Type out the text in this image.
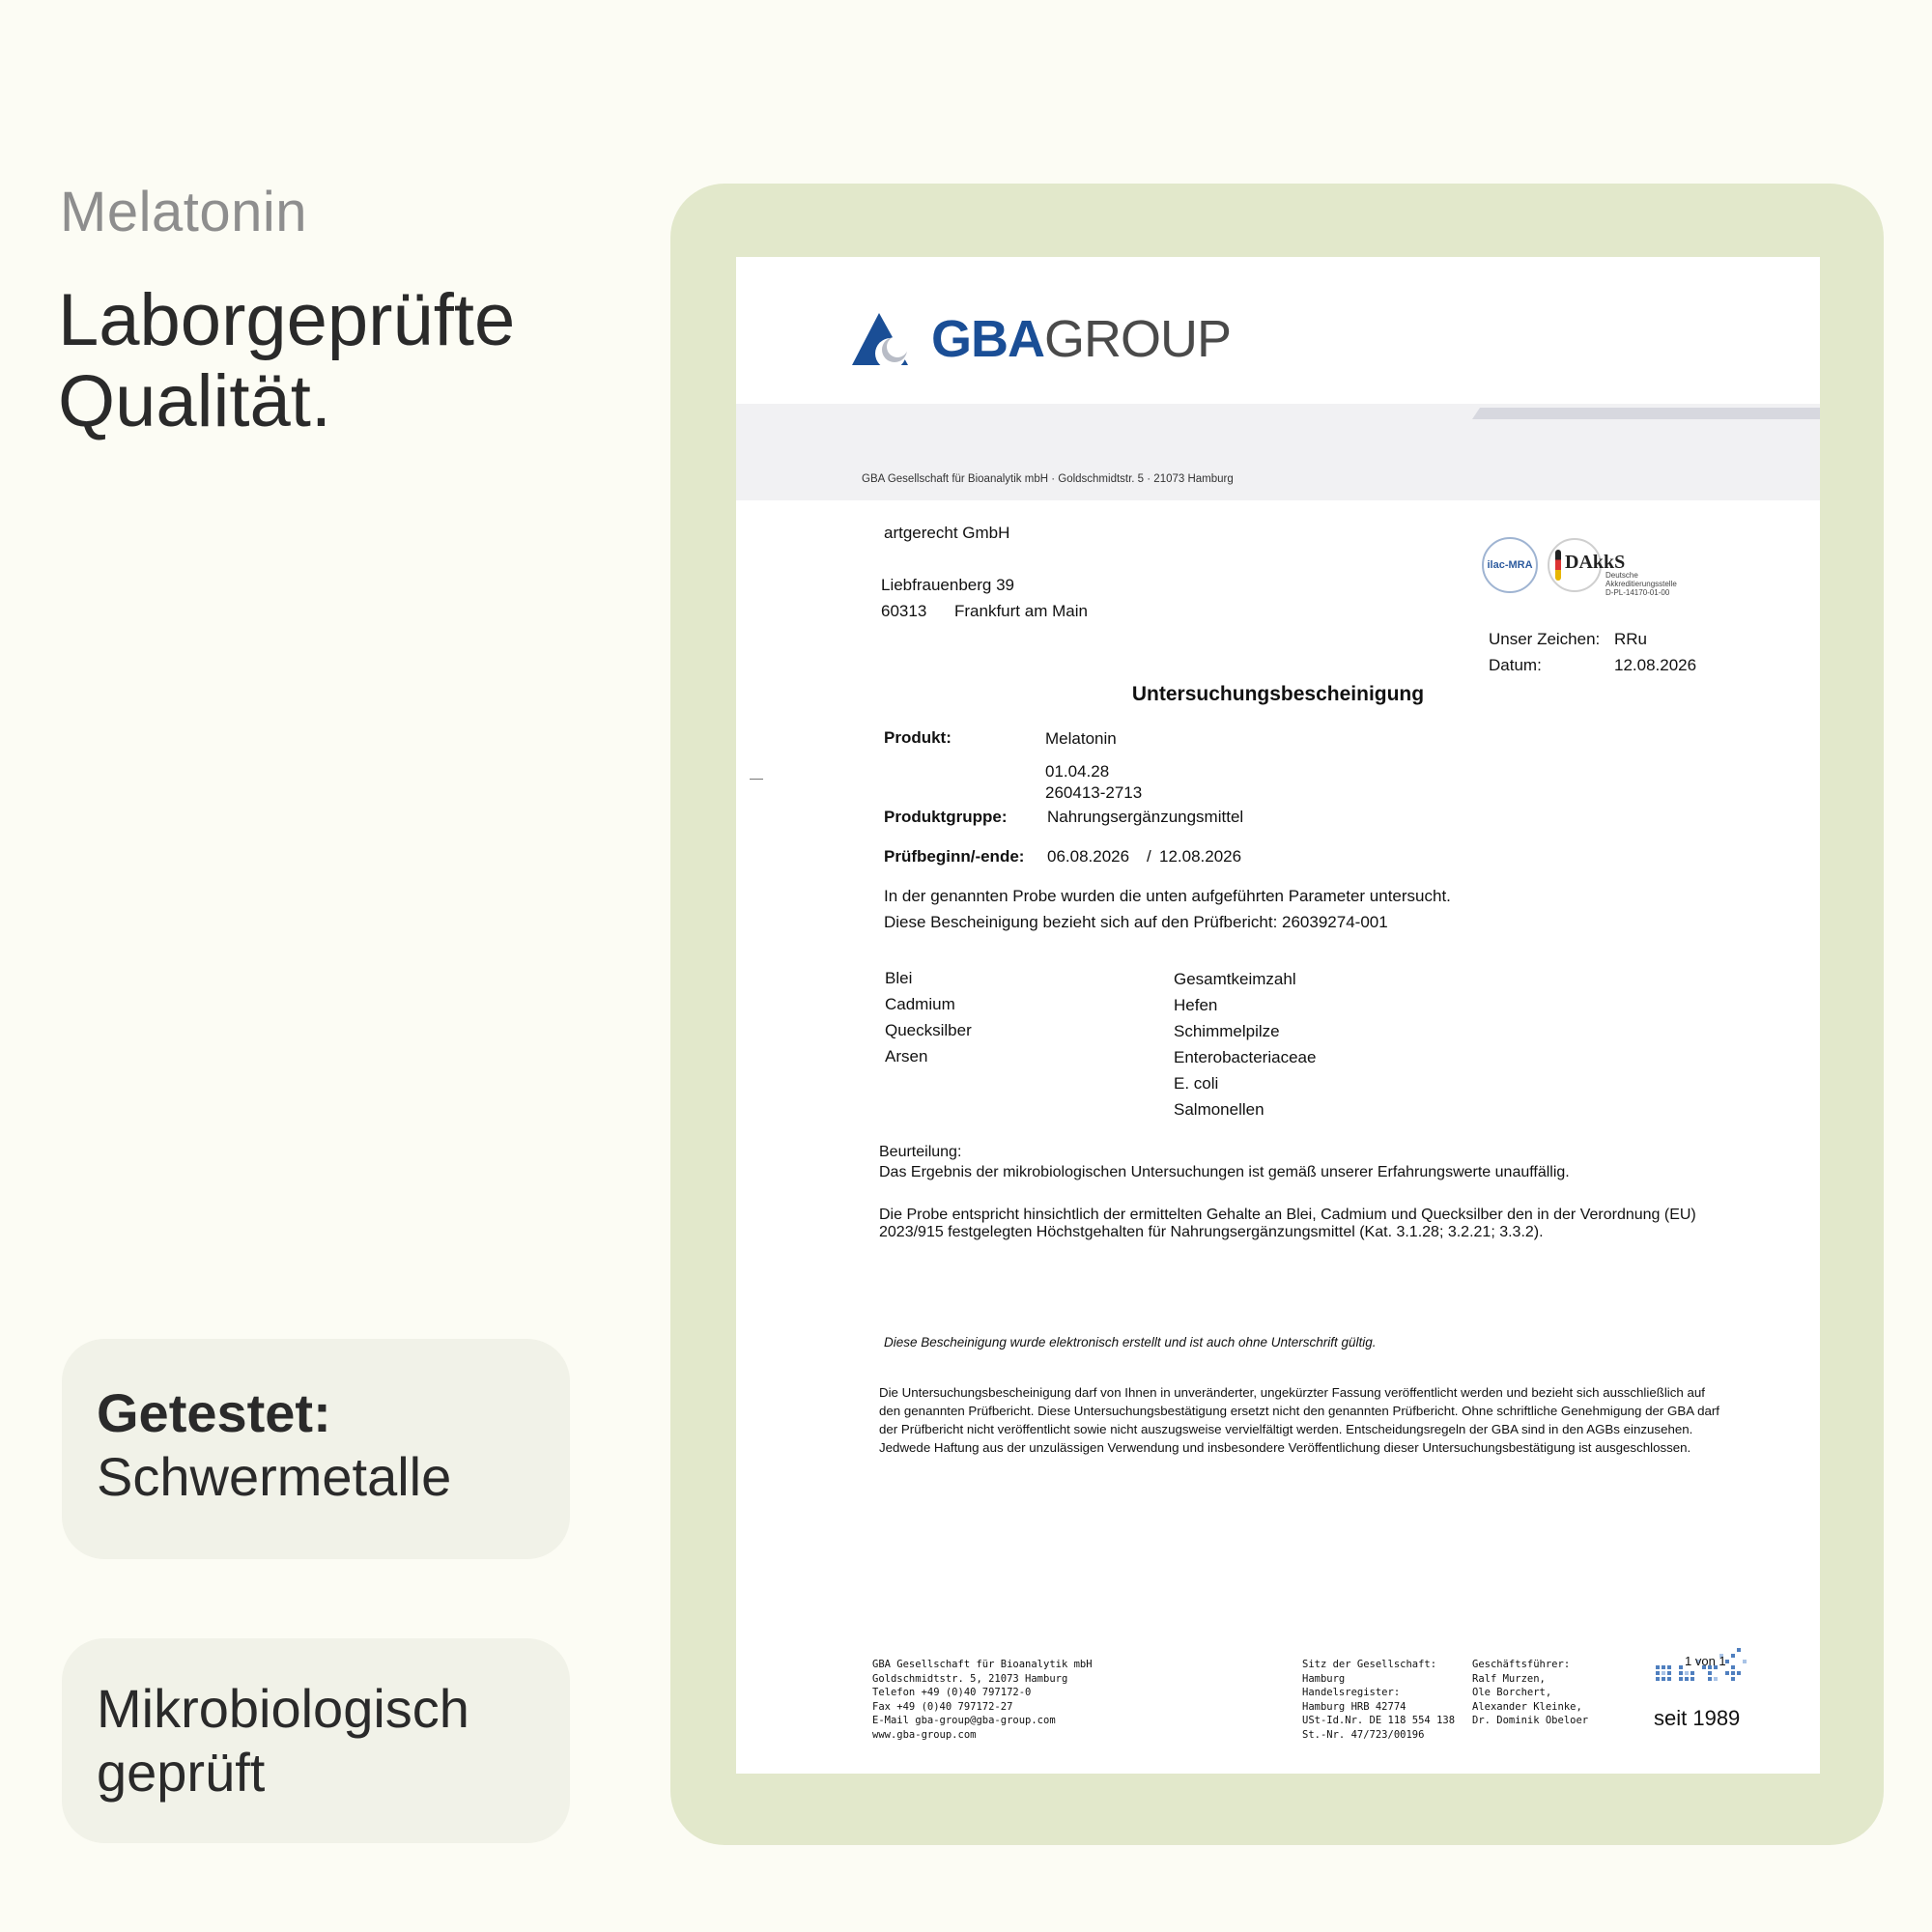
Melatonin
Laborgeprüfte
Qualität.
Getestet:
Schwermetalle
Mikrobiologisch
geprüft
GBA GROUP
GBA Gesellschaft für Bioanalytik mbH · Goldschmidtstr. 5 · 21073 Hamburg
artgerecht GmbH
Liebfrauenberg 39
60313 Frankfurt am Main
ilac-MRA DAkkS
Deutsche
Akkreditierungsstelle
D-PL-14170-01-00
Unser Zeichen: RRu
Datum:	12.08.2026
Untersuchungsbescheinigung
Produkt:	Melatonin
01.04.28
260413-2713
Produktgruppe: Nahrungsergänzungsmittel
Prüfbeginn/-ende: 06.08.2026 / 12.08.2026
In der genannten Probe wurden die unten aufgeführten Parameter untersucht.
Diese Bescheinigung bezieht sich auf den Prüfbericht: 26039274-001
Blei
Cadmium
Quecksilber
Arsen
Gesamtkeimzahl
Hefen
Schimmelpilze
Enterobacteriaceae
E. coli
Salmonellen
Beurteilung:
Das Ergebnis der mikrobiologischen Untersuchungen ist gemäß unserer Erfahrungswerte unauffällig.
Die Probe entspricht hinsichtlich der ermittelten Gehalte an Blei, Cadmium und Quecksilber den in der Verordnung (EU) 2023/915 festgelegten Höchstgehalten für Nahrungsergänzungsmittel (Kat. 3.1.28; 3.2.21; 3.3.2).
Diese Bescheinigung wurde elektronisch erstellt und ist auch ohne Unterschrift gültig.
Die Untersuchungsbescheinigung darf von Ihnen in unveränderter, ungekürzter Fassung veröffentlicht werden und bezieht sich ausschließlich auf den genannten Prüfbericht. Diese Untersuchungsbestätigung ersetzt nicht den genannten Prüfbericht. Ohne schriftliche Genehmigung der GBA darf der Prüfbericht nicht veröffentlicht sowie nicht auszugsweise vervielfältigt werden. Entscheidungsregeln der GBA sind in den AGBs einzusehen. Jedwede Haftung aus der unzulässigen Verwendung und insbesondere Veröffentlichung dieser Untersuchungsbestätigung ist ausgeschlossen.
GBA Gesellschaft für Bioanalytik mbH
Goldschmidtstr. 5, 21073 Hamburg
Telefon +49 (0)40 797172-0
Fax +49 (0)40 797172-27
E-Mail gba-group@gba-group.com
www.gba-group.com
Sitz der Gesellschaft:
Hamburg
Handelsregister:
Hamburg HRB 42774
USt-Id.Nr. DE 118 554 138
St.-Nr. 47/723/00196
Geschäftsführer:
Ralf Murzen,
Ole Borchert,
Alexander Kleinke,
Dr. Dominik Obeloer
1 von 1
seit 1989
